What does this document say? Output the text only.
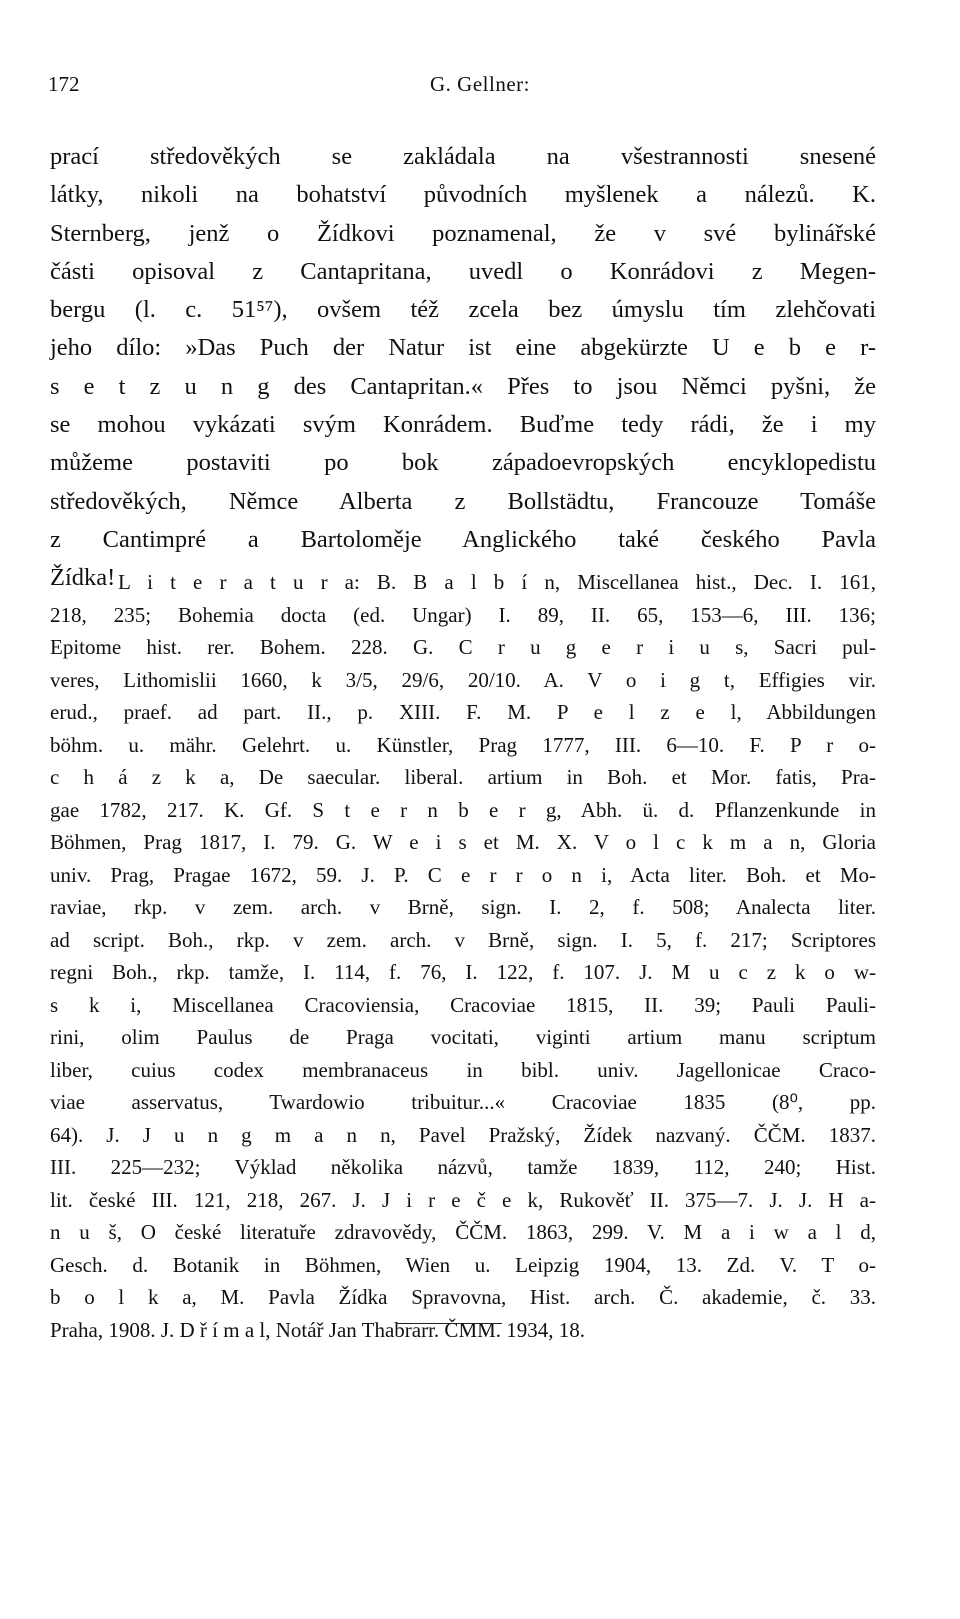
172	G. Gellner:

prací středověkých se zakládala na všestrannosti snesené
látky, nikoli na bohatství původních myšlenek a nálezů. K.
Sternberg, jenž o Žídkovi poznamenal, že v své bylinářské
části opisoval z Cantapritana, uvedl o Konrádovi z Megen-
bergu (l. c. 51⁵⁷), ovšem též zcela bez úmyslu tím zlehčovati
jeho dílo: »Das Puch der Natur ist eine abgekürzte U e b e r-
s e t z u n g des Cantapritan.« Přes to jsou Němci pyšni, že
se mohou vykázati svým Konrádem. Buďme tedy rádi, že i my
můžeme postaviti po bok západoevropských encyklopedistu
středověkých, Němce Alberta z Bollstädtu, Francouze Tomáše
z Cantimpré a Bartoloměje Anglického také českého Pavla
Žídka! L i t e r a t u r a: B. B a l b í n, Miscellanea hist., Dec. I. 161,
218, 235; Bohemia docta (ed. Ungar) I. 89, II. 65, 153—6, III. 136;
Epitome hist. rer. Bohem. 228. G. C r u g e r i u s, Sacri pul-
veres, Lithomislii 1660, k 3/5, 29/6, 20/10. A. V o i g t, Effigies vir.
erud., praef. ad part. II., p. XIII. F. M. P e l z e l, Abbildungen
böhm. u. mähr. Gelehrt. u. Künstler, Prag 1777, III. 6—10. F. P r o-
c h á z k a, De saecular. liberal. artium in Boh. et Mor. fatis, Pra-
gae 1782, 217. K. Gf. S t e r n b e r g, Abh. ü. d. Pflanzenkunde in
Böhmen, Prag 1817, I. 79. G. W e i s et M. X. V o l c k m a n, Gloria
univ. Prag, Pragae 1672, 59. J. P. C e r r o n i, Acta liter. Boh. et Mo-
raviae, rkp. v zem. arch. v Brně, sign. I. 2, f. 508; Analecta liter.
ad script. Boh., rkp. v zem. arch. v Brně, sign. I. 5, f. 217; Scriptores
regni Boh., rkp. tamže, I. 114, f. 76, I. 122, f. 107. J. M u c z k o w-
s k i, Miscellanea Cracoviensia, Cracoviae 1815, II. 39; Pauli Pauli-
rini, olim Paulus de Praga vocitati, viginti artium manu scriptum
liber, cuius codex membranaceus in bibl. univ. Jagellonicae Craco-
viae asservatus, Twardowio tribuitur...« Cracoviae 1835 (8⁰, pp.
64). J. J u n g m a n n, Pavel Pražský, Žídek nazvaný. ČČM. 1837.
III. 225—232; Výklad několika názvů, tamže 1839, 112, 240; Hist.
lit. české III. 121, 218, 267. J. J i r e č e k, Rukověť II. 375—7. J. J. H a-
n u š, O české literatuře zdravovědy, ČČM. 1863, 299. V. M a i w a l d,
Gesch. d. Botanik in Böhmen, Wien u. Leipzig 1904, 13. Zd. V. T o-
b o l k a, M. Pavla Žídka Spravovna, Hist. arch. Č. akademie, č. 33.
Praha, 1908. J. D ř í m a l, Notář Jan Thabrarr. ČMM. 1934, 18.
